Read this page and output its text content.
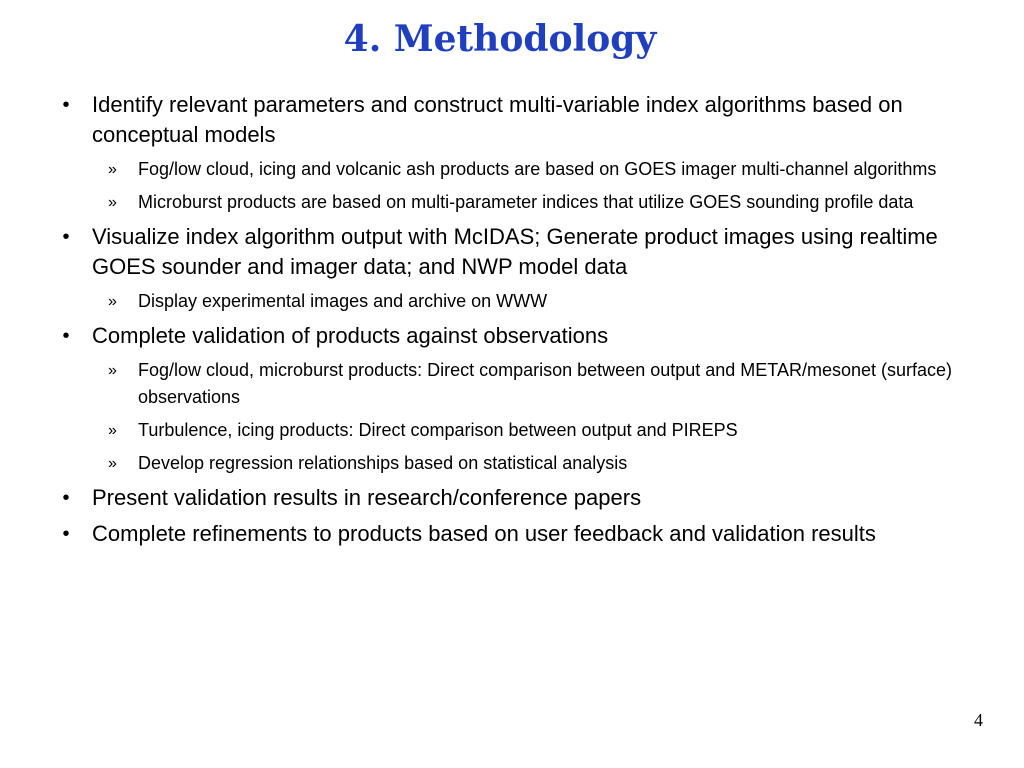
4. Methodology
• Identify relevant parameters and construct multi-variable index algorithms based on conceptual models
» Fog/low cloud, icing and volcanic ash products are based on GOES imager multi-channel algorithms
» Microburst products are based on multi-parameter indices that utilize GOES sounding profile data
• Visualize index algorithm output with McIDAS; Generate product images using realtime GOES sounder and imager data; and NWP model data
» Display experimental images and archive on WWW
• Complete validation of products against observations
» Fog/low cloud, microburst products: Direct comparison between output and METAR/mesonet (surface) observations
» Turbulence, icing products: Direct comparison between output and PIREPS
» Develop regression relationships based on statistical analysis
• Present validation results in research/conference papers
• Complete refinements to products based on user feedback and validation results
4
